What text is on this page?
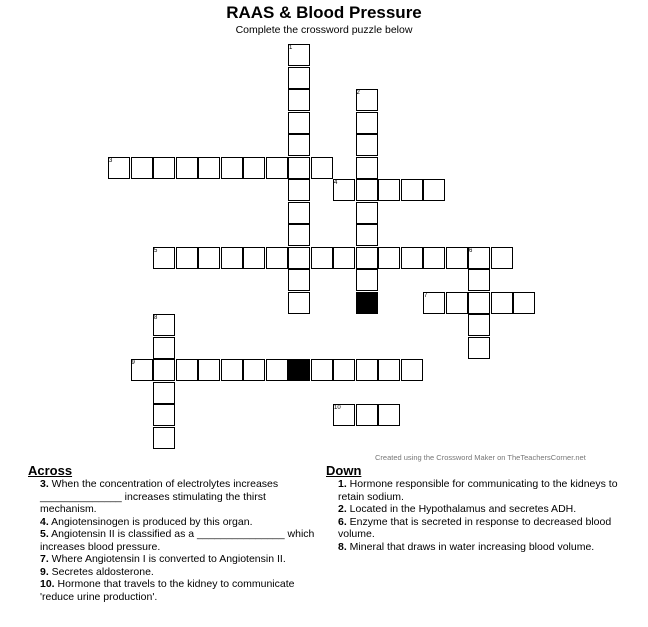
RAAS & Blood Pressure
Complete the crossword puzzle below
1
2
3
4
5	6
7
8
9
10
Created using the Crossword Maker on TheTeachersCorner.net
Across
3. When the concentration of electrolytes increases ______________ increases stimulating the thirst mechanism.
4. Angiotensinogen is produced by this organ.
5. Angiotensin II is classified as a _______________ which increases blood pressure.
7. Where Angiotensin I is converted to Angiotensin II.
9. Secretes aldosterone.
10. Hormone that travels to the kidney to communicate 'reduce urine production'.
Down
1. Hormone responsible for communicating to the kidneys to retain sodium.
2. Located in the Hypothalamus and secretes ADH.
6. Enzyme that is secreted in response to decreased blood volume.
8. Mineral that draws in water increasing blood volume.
